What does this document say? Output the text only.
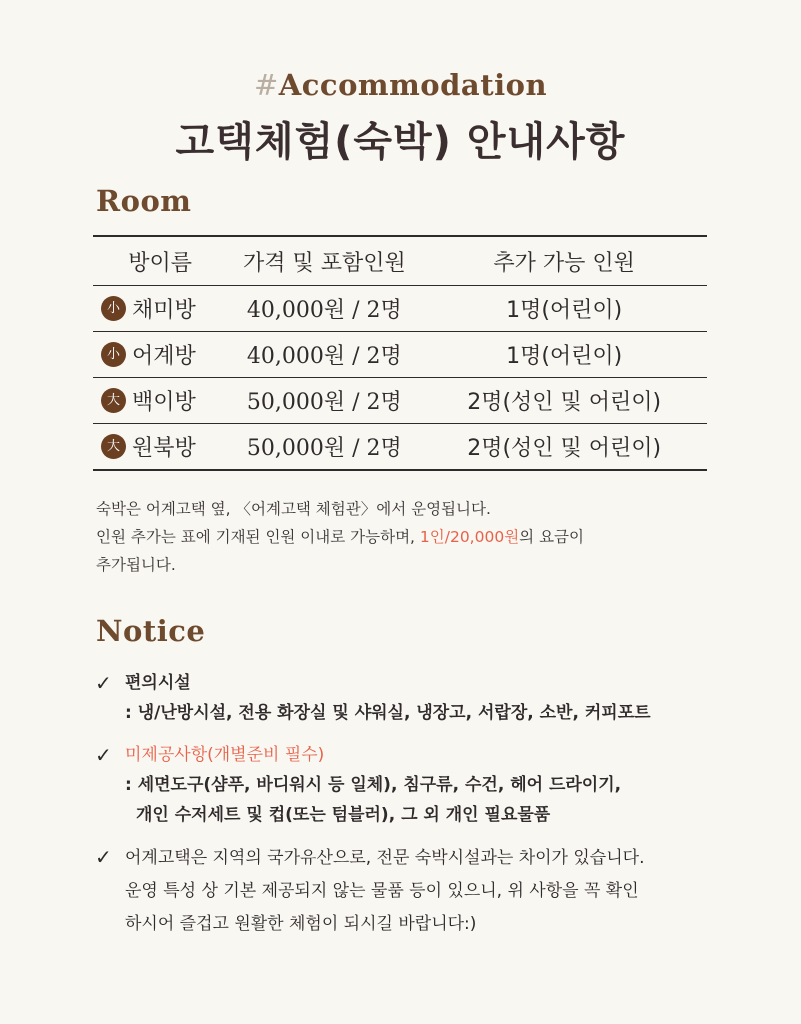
#Accommodation
고택체험(숙박) 안내사항
Room
방이름	가격 및 포함인원	추가 가능 인원
小 채미방	40,000원 / 2명	1명(어린이)
小 어계방	40,000원 / 2명	1명(어린이)
大 백이방	50,000원 / 2명	2명(성인 및 어린이)
大 원북방	50,000원 / 2명	2명(성인 및 어린이)
숙박은 어계고택 옆, 〈어계고택 체험관〉에서 운영됩니다.
인원 추가는 표에 기재된 인원 이내로 가능하며, 1인/20,000원의 요금이
추가됩니다.
Notice
✓ 편의시설
: 냉/난방시설, 전용 화장실 및 샤워실, 냉장고, 서랍장, 소반, 커피포트
✓ 미제공사항(개별준비 필수)
: 세면도구(샴푸, 바디워시 등 일체), 침구류, 수건, 헤어 드라이기,
개인 수저세트 및 컵(또는 텀블러), 그 외 개인 필요물품
✓ 어계고택은 지역의 국가유산으로, 전문 숙박시설과는 차이가 있습니다.
운영 특성 상 기본 제공되지 않는 물품 등이 있으니, 위 사항을 꼭 확인
하시어 즐겁고 원활한 체험이 되시길 바랍니다:)
